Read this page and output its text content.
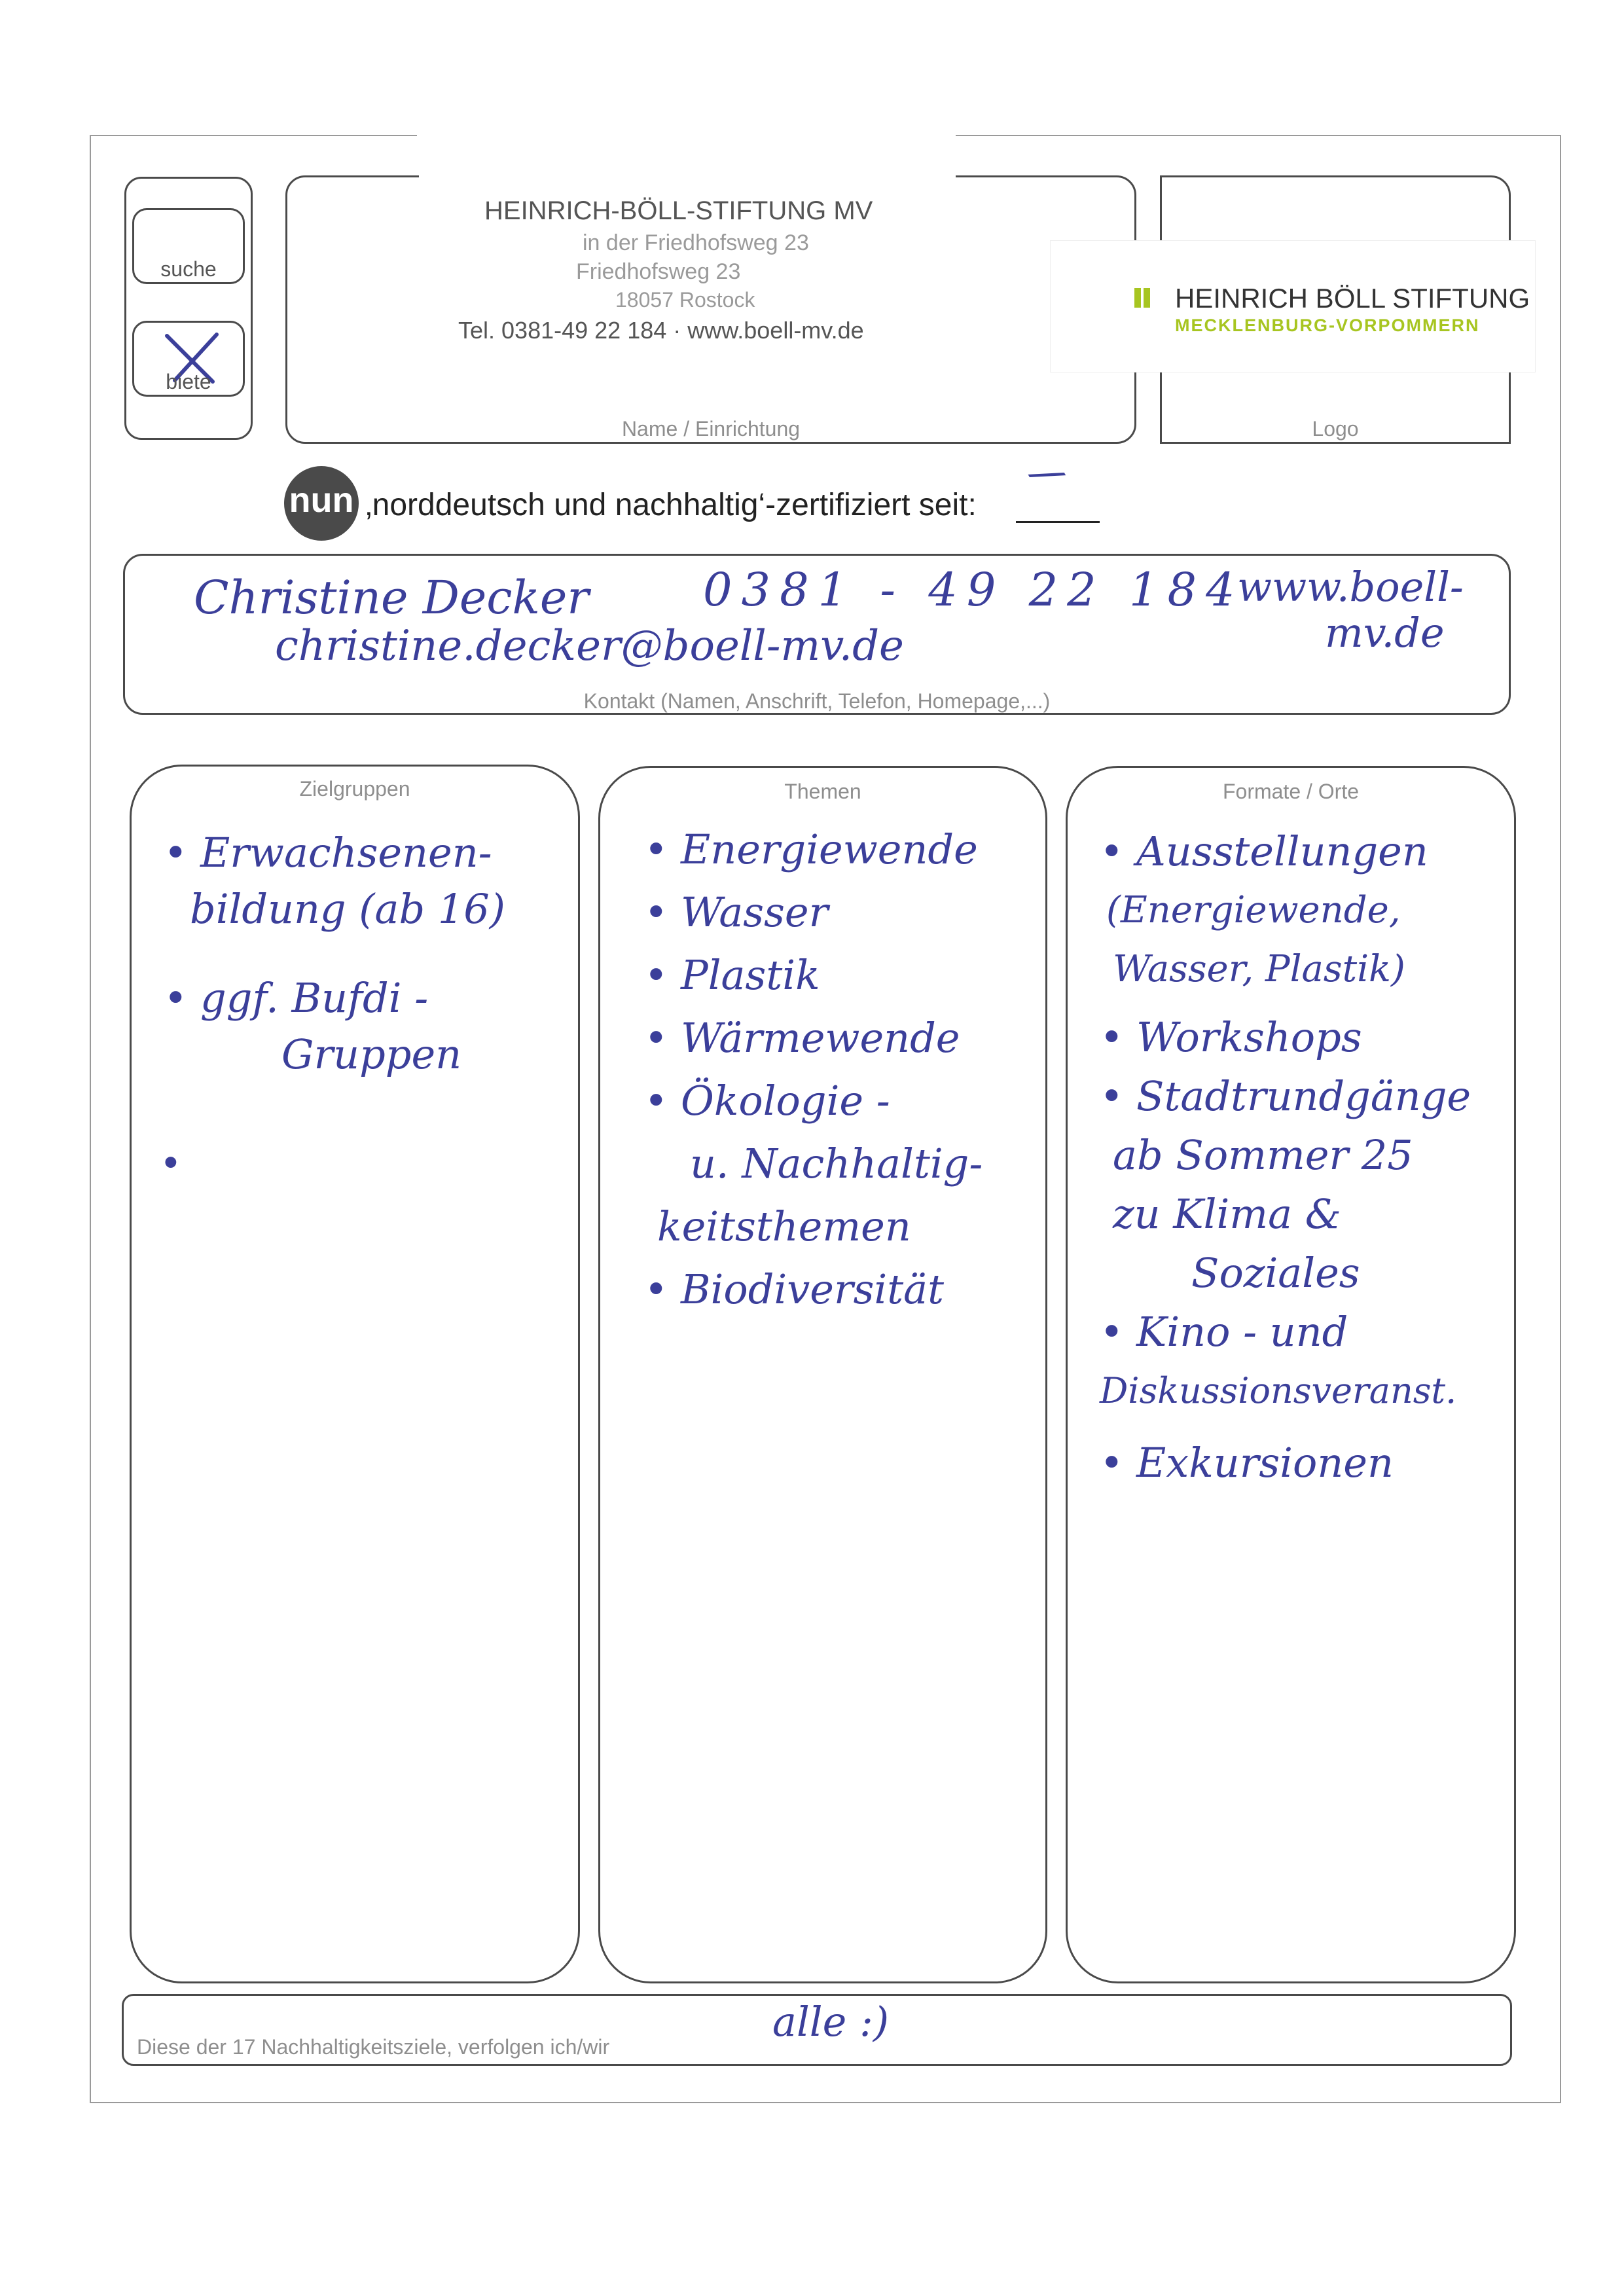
suche
biete
Name / Einrichtung
HEINRICH-BÖLL-STIFTUNG MV
in der Friedhofsweg 23
Friedhofsweg 23
18057 Rostock
Tel. 0381-49 22 184 · www.boell-mv.de
Logo
HEINRICH BÖLL STIFTUNG
MECKLENBURG-VORPOMMERN
nun ‚norddeutsch und nachhaltig‘-zertifiziert seit:
/
Kontakt (Namen, Anschrift, Telefon, Homepage,...)
Christine Decker 0381 - 49 22 184
christine.decker@boell-mv.de
www.boell-
mv.de
Zielgruppen	Themen	Formate / Orte
• Erwachsenen-
bildung (ab 16)
• ggf. Bufdi -
Gruppen
•
• Energiewende
• Wasser
• Plastik
• Wärmewende
• Ökologie -
u. Nachhaltig-
keitsthemen
• Biodiversität
• Ausstellungen
(Energiewende,
Wasser, Plastik)
• Workshops
• Stadtrundgänge
ab Sommer 25
zu Klima &
Soziales
• Kino - und
Diskussionsveranst.
• Exkursionen
Diese der 17 Nachhaltigkeitsziele, verfolgen ich/wir
alle :)
